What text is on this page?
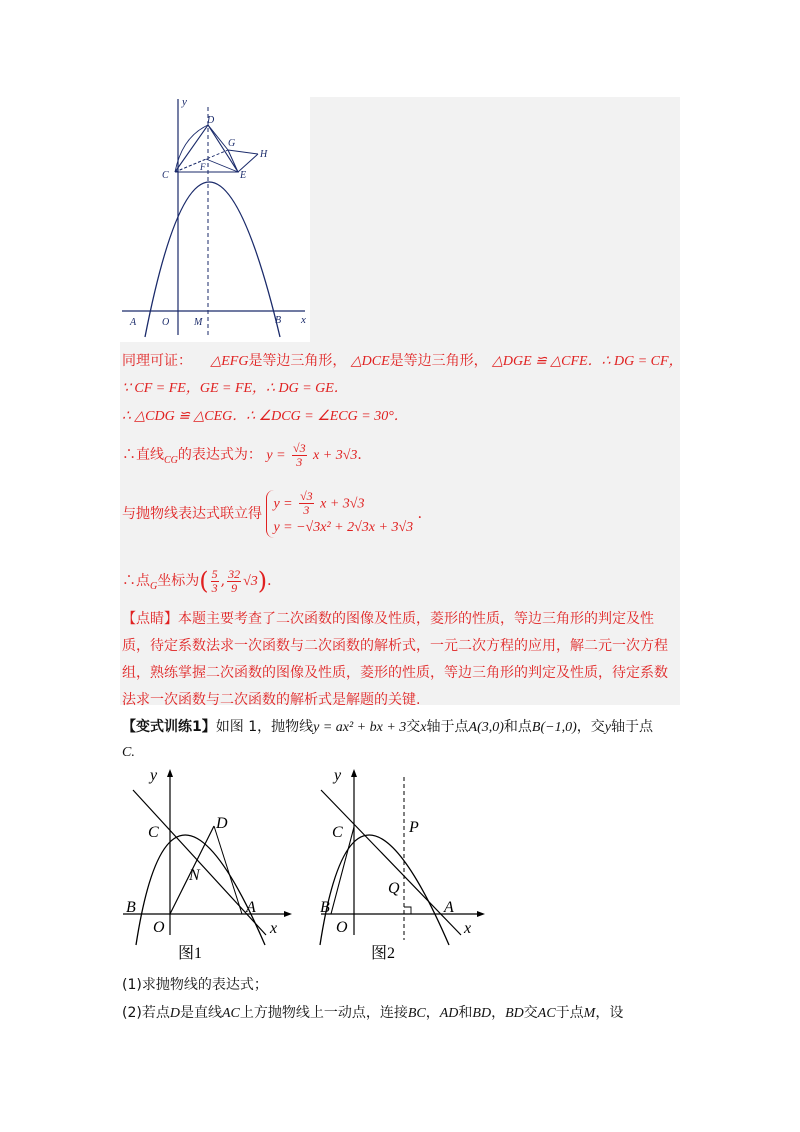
y
x
D
G
H
F
C	E
A	O M	B
同理可证： △EFG是等边三角形， △DCE是等边三角形， △DGE ≌ △CFE．∴ DG = CF，
∵ CF = FE，GE = FE，∴ DG = GE．
∴ △CDG ≌ △CEG．∴ ∠DCG = ∠ECG = 30°．
∴直线$_{CG}$的表达式为： $y = \frac{√3}{3}$ x + 3√3．
与抛物线表达式联立得
$y = \frac{√3}{3}$ x + 3√3
y = −√3x² + 2√3x + 3√3
．
∴点$_G$坐标为( $\frac{5}{3}$ , $\frac{32}{9} √3$)．
【点睛】本题主要考查了二次函数的图像及性质，菱形的性质，等边三角形的判定及性质，待定系数法求一次函数与二次函数的解析式，一元二次方程的应用，解二元一次方程组，熟练掌握二次函数的图像及性质，菱形的性质，等边三角形的判定及性质，待定系数法求一次函数与二次函数的解析式是解题的关键.
【变式训练1】如图 1，抛物线y = ax² + bx + 3交x轴于点A(3,0)和点B(−1,0)，交y轴于点
C.
y
x
C
D
N
B
O
A
图1
y
x
C	P
Q
B
O
A
图2
(1)求抛物线的表达式；
(2)若点D是直线AC上方抛物线上一动点，连接BC，AD和BD，BD交AC于点M，设
